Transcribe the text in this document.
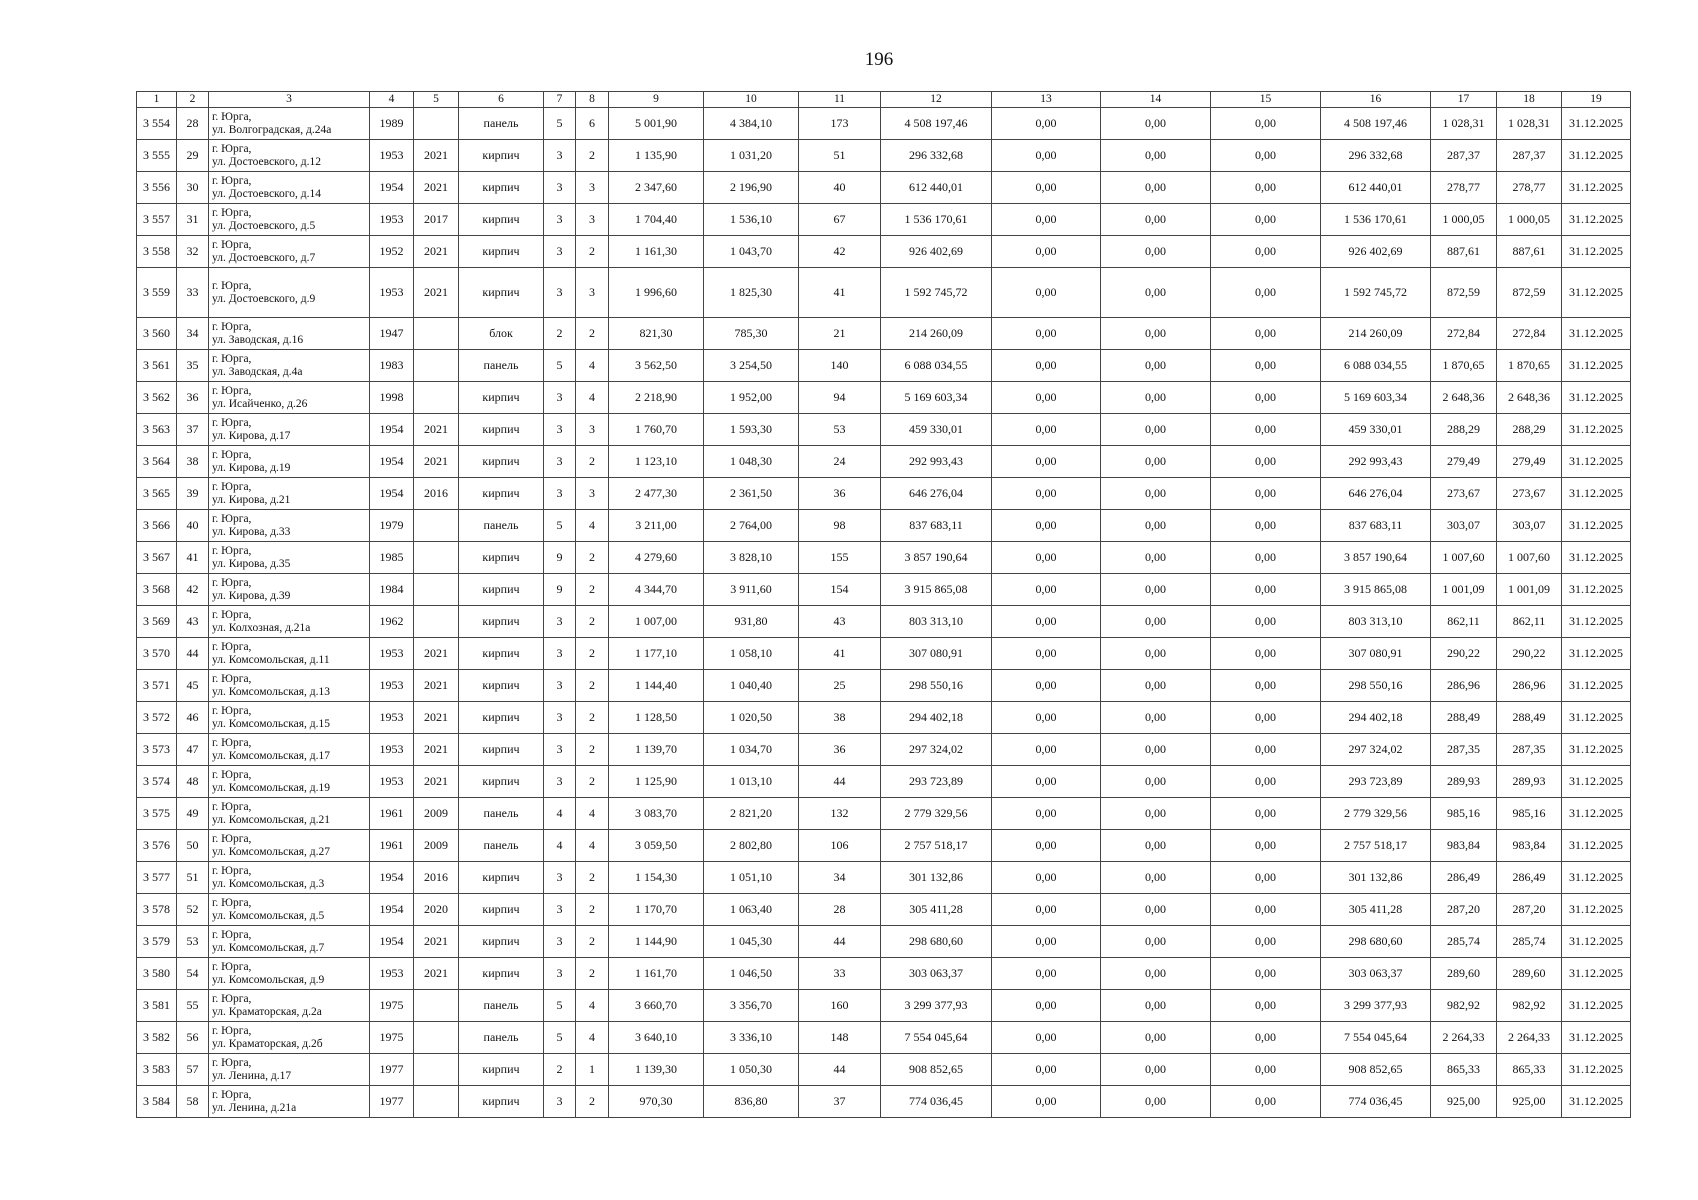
196
1	2	3	4	5	6	7	8	9	10	11	12	13	14	15	16	17	18	19
3 554	28	г. Юрга,
ул. Волгоградская, д.24а	1989		панель	5	6	5 001,90	4 384,10	173	4 508 197,46	0,00	0,00	0,00	4 508 197,46	1 028,31	1 028,31	31.12.2025
3 555	29	г. Юрга,
ул. Достоевского, д.12	1953	2021	кирпич	3	2	1 135,90	1 031,20	51	296 332,68	0,00	0,00	0,00	296 332,68	287,37	287,37	31.12.2025
3 556	30	г. Юрга,
ул. Достоевского, д.14	1954	2021	кирпич	3	3	2 347,60	2 196,90	40	612 440,01	0,00	0,00	0,00	612 440,01	278,77	278,77	31.12.2025
3 557	31	г. Юрга,
ул. Достоевского, д.5	1953	2017	кирпич	3	3	1 704,40	1 536,10	67	1 536 170,61	0,00	0,00	0,00	1 536 170,61	1 000,05	1 000,05	31.12.2025
3 558	32	г. Юрга,
ул. Достоевского, д.7	1952	2021	кирпич	3	2	1 161,30	1 043,70	42	926 402,69	0,00	0,00	0,00	926 402,69	887,61	887,61	31.12.2025
3 559	33	г. Юрга,
ул. Достоевского, д.9	1953	2021	кирпич	3	3	1 996,60	1 825,30	41	1 592 745,72	0,00	0,00	0,00	1 592 745,72	872,59	872,59	31.12.2025
3 560	34	г. Юрга,
ул. Заводская, д.16	1947		блок	2	2	821,30	785,30	21	214 260,09	0,00	0,00	0,00	214 260,09	272,84	272,84	31.12.2025
3 561	35	г. Юрга,
ул. Заводская, д.4а	1983		панель	5	4	3 562,50	3 254,50	140	6 088 034,55	0,00	0,00	0,00	6 088 034,55	1 870,65	1 870,65	31.12.2025
3 562	36	г. Юрга,
ул. Исайченко, д.26	1998		кирпич	3	4	2 218,90	1 952,00	94	5 169 603,34	0,00	0,00	0,00	5 169 603,34	2 648,36	2 648,36	31.12.2025
3 563	37	г. Юрга,
ул. Кирова, д.17	1954	2021	кирпич	3	3	1 760,70	1 593,30	53	459 330,01	0,00	0,00	0,00	459 330,01	288,29	288,29	31.12.2025
3 564	38	г. Юрга,
ул. Кирова, д.19	1954	2021	кирпич	3	2	1 123,10	1 048,30	24	292 993,43	0,00	0,00	0,00	292 993,43	279,49	279,49	31.12.2025
3 565	39	г. Юрга,
ул. Кирова, д.21	1954	2016	кирпич	3	3	2 477,30	2 361,50	36	646 276,04	0,00	0,00	0,00	646 276,04	273,67	273,67	31.12.2025
3 566	40	г. Юрга,
ул. Кирова, д.33	1979		панель	5	4	3 211,00	2 764,00	98	837 683,11	0,00	0,00	0,00	837 683,11	303,07	303,07	31.12.2025
3 567	41	г. Юрга,
ул. Кирова, д.35	1985		кирпич	9	2	4 279,60	3 828,10	155	3 857 190,64	0,00	0,00	0,00	3 857 190,64	1 007,60	1 007,60	31.12.2025
3 568	42	г. Юрга,
ул. Кирова, д.39	1984		кирпич	9	2	4 344,70	3 911,60	154	3 915 865,08	0,00	0,00	0,00	3 915 865,08	1 001,09	1 001,09	31.12.2025
3 569	43	г. Юрга,
ул. Колхозная, д.21а	1962		кирпич	3	2	1 007,00	931,80	43	803 313,10	0,00	0,00	0,00	803 313,10	862,11	862,11	31.12.2025
3 570	44	г. Юрга,
ул. Комсомольская, д.11	1953	2021	кирпич	3	2	1 177,10	1 058,10	41	307 080,91	0,00	0,00	0,00	307 080,91	290,22	290,22	31.12.2025
3 571	45	г. Юрга,
ул. Комсомольская, д.13	1953	2021	кирпич	3	2	1 144,40	1 040,40	25	298 550,16	0,00	0,00	0,00	298 550,16	286,96	286,96	31.12.2025
3 572	46	г. Юрга,
ул. Комсомольская, д.15	1953	2021	кирпич	3	2	1 128,50	1 020,50	38	294 402,18	0,00	0,00	0,00	294 402,18	288,49	288,49	31.12.2025
3 573	47	г. Юрга,
ул. Комсомольская, д.17	1953	2021	кирпич	3	2	1 139,70	1 034,70	36	297 324,02	0,00	0,00	0,00	297 324,02	287,35	287,35	31.12.2025
3 574	48	г. Юрга,
ул. Комсомольская, д.19	1953	2021	кирпич	3	2	1 125,90	1 013,10	44	293 723,89	0,00	0,00	0,00	293 723,89	289,93	289,93	31.12.2025
3 575	49	г. Юрга,
ул. Комсомольская, д.21	1961	2009	панель	4	4	3 083,70	2 821,20	132	2 779 329,56	0,00	0,00	0,00	2 779 329,56	985,16	985,16	31.12.2025
3 576	50	г. Юрга,
ул. Комсомольская, д.27	1961	2009	панель	4	4	3 059,50	2 802,80	106	2 757 518,17	0,00	0,00	0,00	2 757 518,17	983,84	983,84	31.12.2025
3 577	51	г. Юрга,
ул. Комсомольская, д.3	1954	2016	кирпич	3	2	1 154,30	1 051,10	34	301 132,86	0,00	0,00	0,00	301 132,86	286,49	286,49	31.12.2025
3 578	52	г. Юрга,
ул. Комсомольская, д.5	1954	2020	кирпич	3	2	1 170,70	1 063,40	28	305 411,28	0,00	0,00	0,00	305 411,28	287,20	287,20	31.12.2025
3 579	53	г. Юрга,
ул. Комсомольская, д.7	1954	2021	кирпич	3	2	1 144,90	1 045,30	44	298 680,60	0,00	0,00	0,00	298 680,60	285,74	285,74	31.12.2025
3 580	54	г. Юрга,
ул. Комсомольская, д.9	1953	2021	кирпич	3	2	1 161,70	1 046,50	33	303 063,37	0,00	0,00	0,00	303 063,37	289,60	289,60	31.12.2025
3 581	55	г. Юрга,
ул. Краматорская, д.2а	1975		панель	5	4	3 660,70	3 356,70	160	3 299 377,93	0,00	0,00	0,00	3 299 377,93	982,92	982,92	31.12.2025
3 582	56	г. Юрга,
ул. Краматорская, д.2б	1975		панель	5	4	3 640,10	3 336,10	148	7 554 045,64	0,00	0,00	0,00	7 554 045,64	2 264,33	2 264,33	31.12.2025
3 583	57	г. Юрга,
ул. Ленина, д.17	1977		кирпич	2	1	1 139,30	1 050,30	44	908 852,65	0,00	0,00	0,00	908 852,65	865,33	865,33	31.12.2025
3 584	58	г. Юрга,
ул. Ленина, д.21а	1977		кирпич	3	2	970,30	836,80	37	774 036,45	0,00	0,00	0,00	774 036,45	925,00	925,00	31.12.2025
